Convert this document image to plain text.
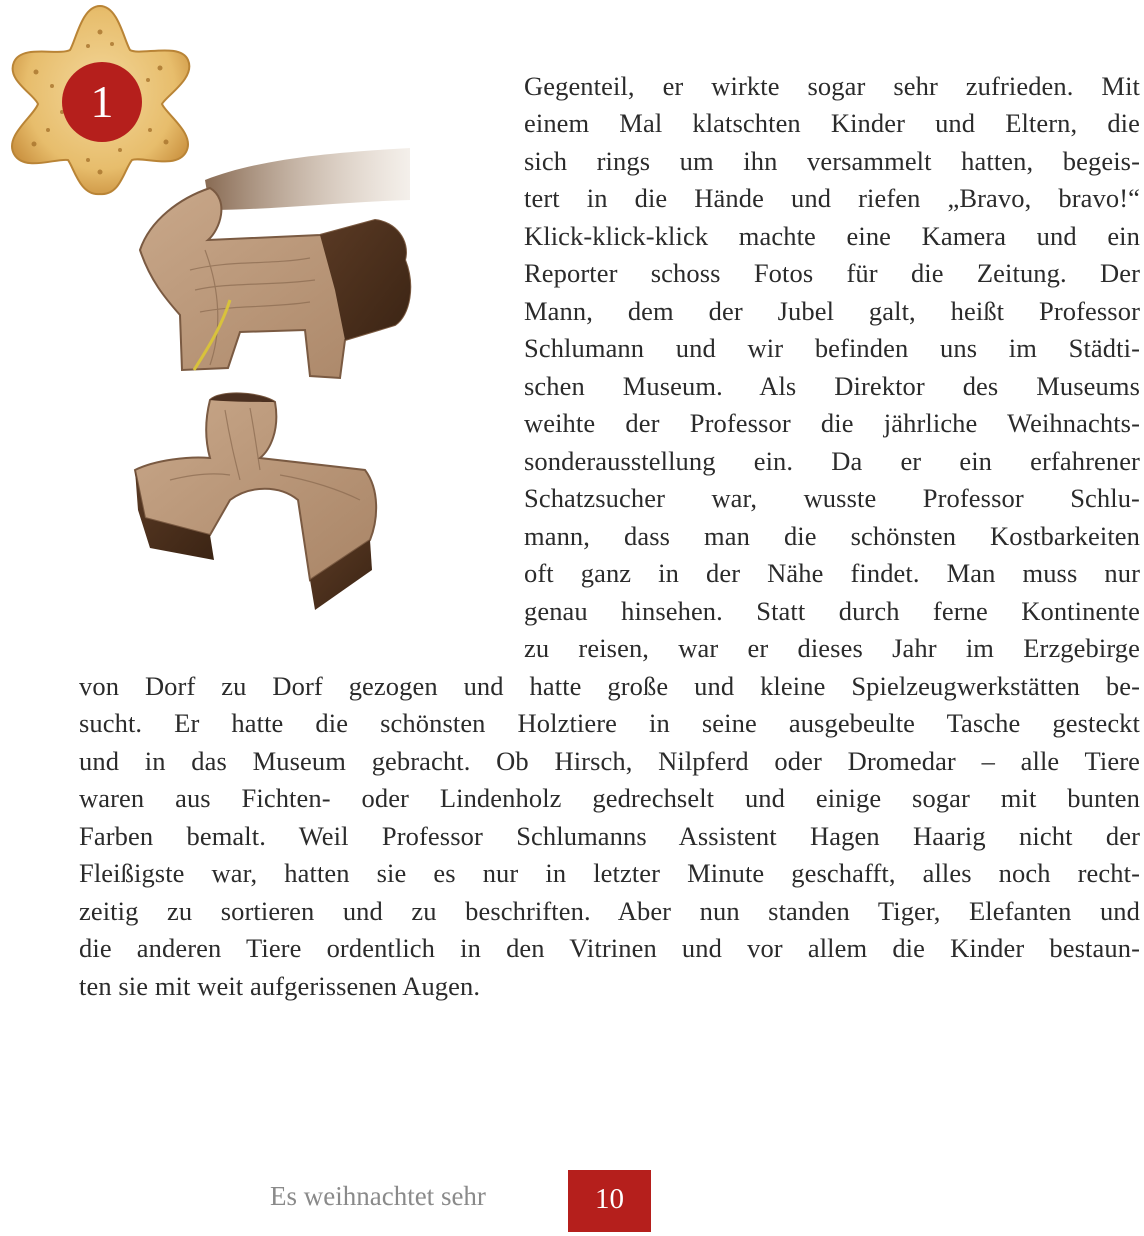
1	Gegenteil, er wirkte sogar sehr zufrieden. Mit
einem Mal klatschten Kinder und Eltern, die
sich rings um ihn versammelt hatten, begeis-
tert in die Hände und riefen „Bravo, bravo!“
Klick-klick-klick machte eine Kamera und ein
Reporter schoss Fotos für die Zeitung. Der
Mann, dem der Jubel galt, heißt Professor
Schlumann und wir befinden uns im Städti-
schen Museum. Als Direktor des Museums
weihte der Professor die jährliche Weihnachts-
sonderausstellung ein. Da er ein erfahrener
Schatzsucher war, wusste Professor Schlu-
mann, dass man die schönsten Kostbarkeiten
oft ganz in der Nähe findet. Man muss nur
genau hinsehen. Statt durch ferne Kontinente
zu reisen, war er dieses Jahr im Erzgebirge
von Dorf zu Dorf gezogen und hatte große und kleine Spielzeugwerkstätten be-
sucht. Er hatte die schönsten Holztiere in seine ausgebeulte Tasche gesteckt
und in das Museum gebracht. Ob Hirsch, Nilpferd oder Dromedar – alle Tiere
waren aus Fichten- oder Lindenholz gedrechselt und einige sogar mit bunten
Farben bemalt. Weil Professor Schlumanns Assistent Hagen Haarig nicht der
Fleißigste war, hatten sie es nur in letzter Minute geschafft, alles noch recht-
zeitig zu sortieren und zu beschriften. Aber nun standen Tiger, Elefanten und
die anderen Tiere ordentlich in den Vitrinen und vor allem die Kinder bestaun-
ten sie mit weit aufgerissenen Augen.
Es weihnachtet sehr	10
